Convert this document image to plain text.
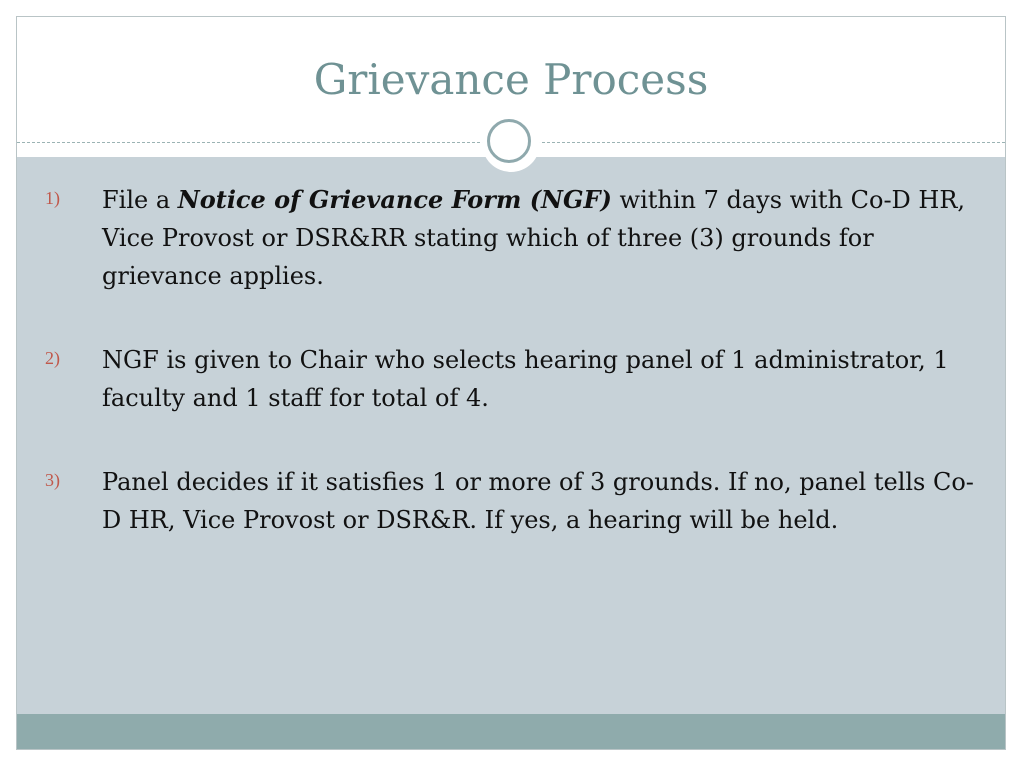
Grievance Process
1) File a Notice of Grievance Form (NGF) within 7 days with Co-D HR, Vice Provost or DSR&RR stating which of three (3) grounds for grievance applies.
2) NGF is given to Chair who selects hearing panel of 1 administrator, 1 faculty and 1 staff for total of 4.
3) Panel decides if it satisfies 1 or more of 3 grounds. If no, panel tells Co-D HR, Vice Provost or DSR&R. If yes, a hearing will be held.
